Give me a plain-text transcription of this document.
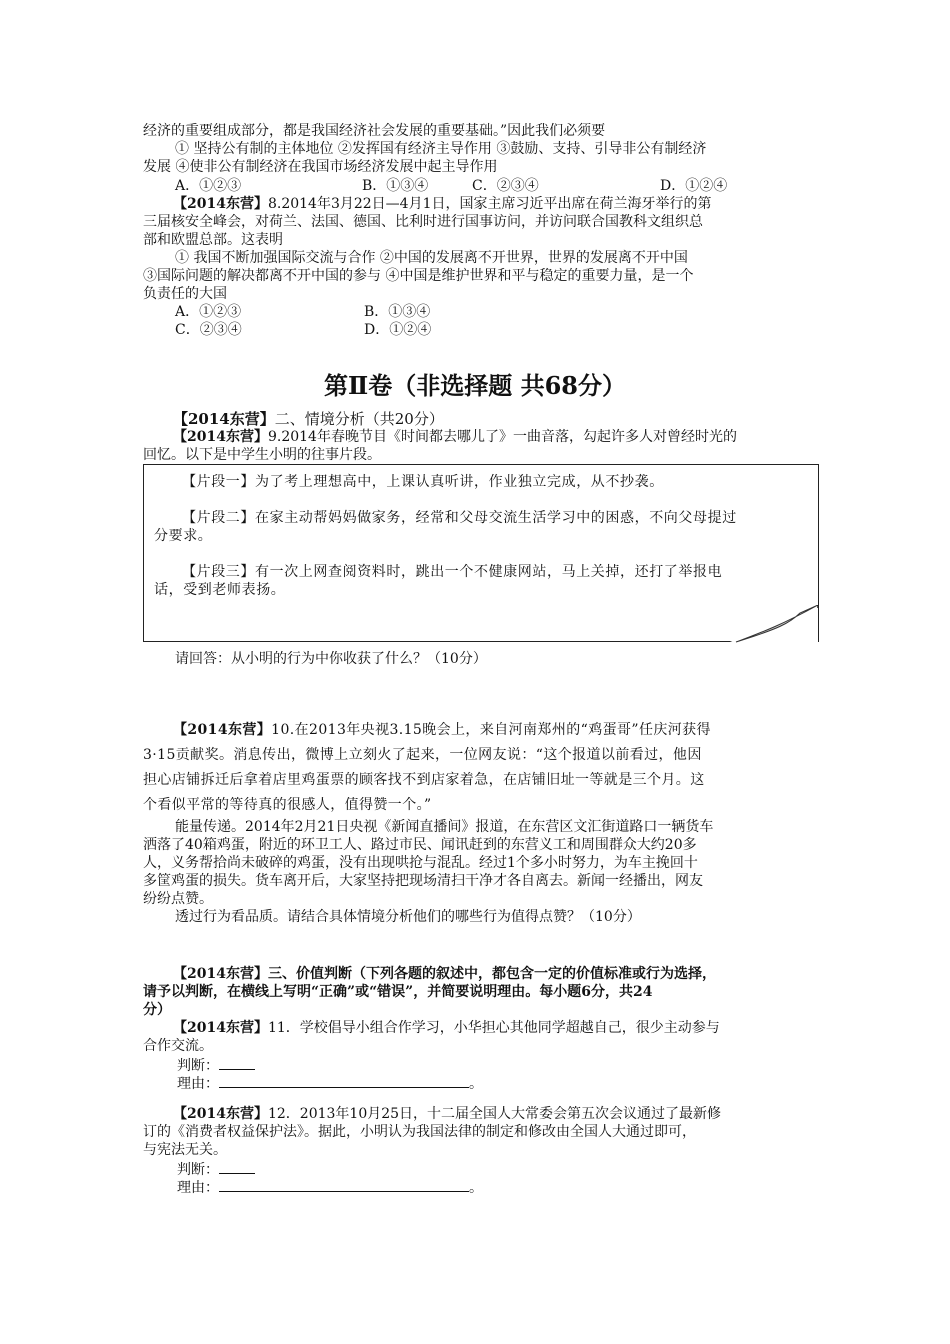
经济的重要组成部分，都是我国经济社会发展的重要基础。”因此我们必须要
① 坚持公有制的主体地位 ②发挥国有经济主导作用 ③鼓励、支持、引导非公有制经济
发展 ④使非公有制经济在我国市场经济发展中起主导作用
A．①②③	B．①③④	C．②③④	D．①②④
【2014东营】8.2014年3月22日—4月1日，国家主席习近平出席在荷兰海牙举行的第
三届核安全峰会，对荷兰、法国、德国、比利时进行国事访问，并访问联合国教科文组织总
部和欧盟总部。这表明
① 我国不断加强国际交流与合作 ②中国的发展离不开世界，世界的发展离不开中国
③国际问题的解决都离不开中国的参与 ④中国是维护世界和平与稳定的重要力量，是一个
负责任的大国
A．①②③	B．①③④
C．②③④	D．①②④
第Ⅱ卷（非选择题 共68分）
【2014东营】二、情境分析（共20分）
【2014东营】9.2014年春晚节目《时间都去哪儿了》一曲音落，勾起许多人对曾经时光的
回忆。以下是中学生小明的往事片段。
【片段一】为了考上理想高中，上课认真听讲，作业独立完成，从不抄袭。
【片段二】在家主动帮妈妈做家务，经常和父母交流生活学习中的困惑，不向父母提过
分要求。
【片段三】有一次上网查阅资料时，跳出一个不健康网站，马上关掉，还打了举报电
话，受到老师表扬。
请回答：从小明的行为中你收获了什么？（10分）
【2014东营】10.在2013年央视3.15晚会上，来自河南郑州的“鸡蛋哥”任庆河获得
3·15贡献奖。消息传出，微博上立刻火了起来，一位网友说：“这个报道以前看过，他因
担心店铺拆迁后拿着店里鸡蛋票的顾客找不到店家着急，在店铺旧址一等就是三个月。这
个看似平常的等待真的很感人，值得赞一个。”
能量传递。2014年2月21日央视《新闻直播间》报道，在东营区文汇街道路口一辆货车
洒落了40箱鸡蛋，附近的环卫工人、路过市民、闻讯赶到的东营义工和周围群众大约20多
人，义务帮拾尚未破碎的鸡蛋，没有出现哄抢与混乱。经过1个多小时努力，为车主挽回十
多筐鸡蛋的损失。货车离开后，大家坚持把现场清扫干净才各自离去。新闻一经播出，网友
纷纷点赞。
透过行为看品质。请结合具体情境分析他们的哪些行为值得点赞？（10分）
【2014东营】三、价值判断（下列各题的叙述中，都包含一定的价值标准或行为选择，
请予以判断，在横线上写明“正确”或“错误”，并简要说明理由。每小题6分，共24
分）
【2014东营】11．学校倡导小组合作学习，小华担心其他同学超越自己，很少主动参与
合作交流。
判断：
理由：	。
【2014东营】12．2013年10月25日，十二届全国人大常委会第五次会议通过了最新修
订的《消费者权益保护法》。据此，小明认为我国法律的制定和修改由全国人大通过即可，
与宪法无关。
判断：
理由：	。
